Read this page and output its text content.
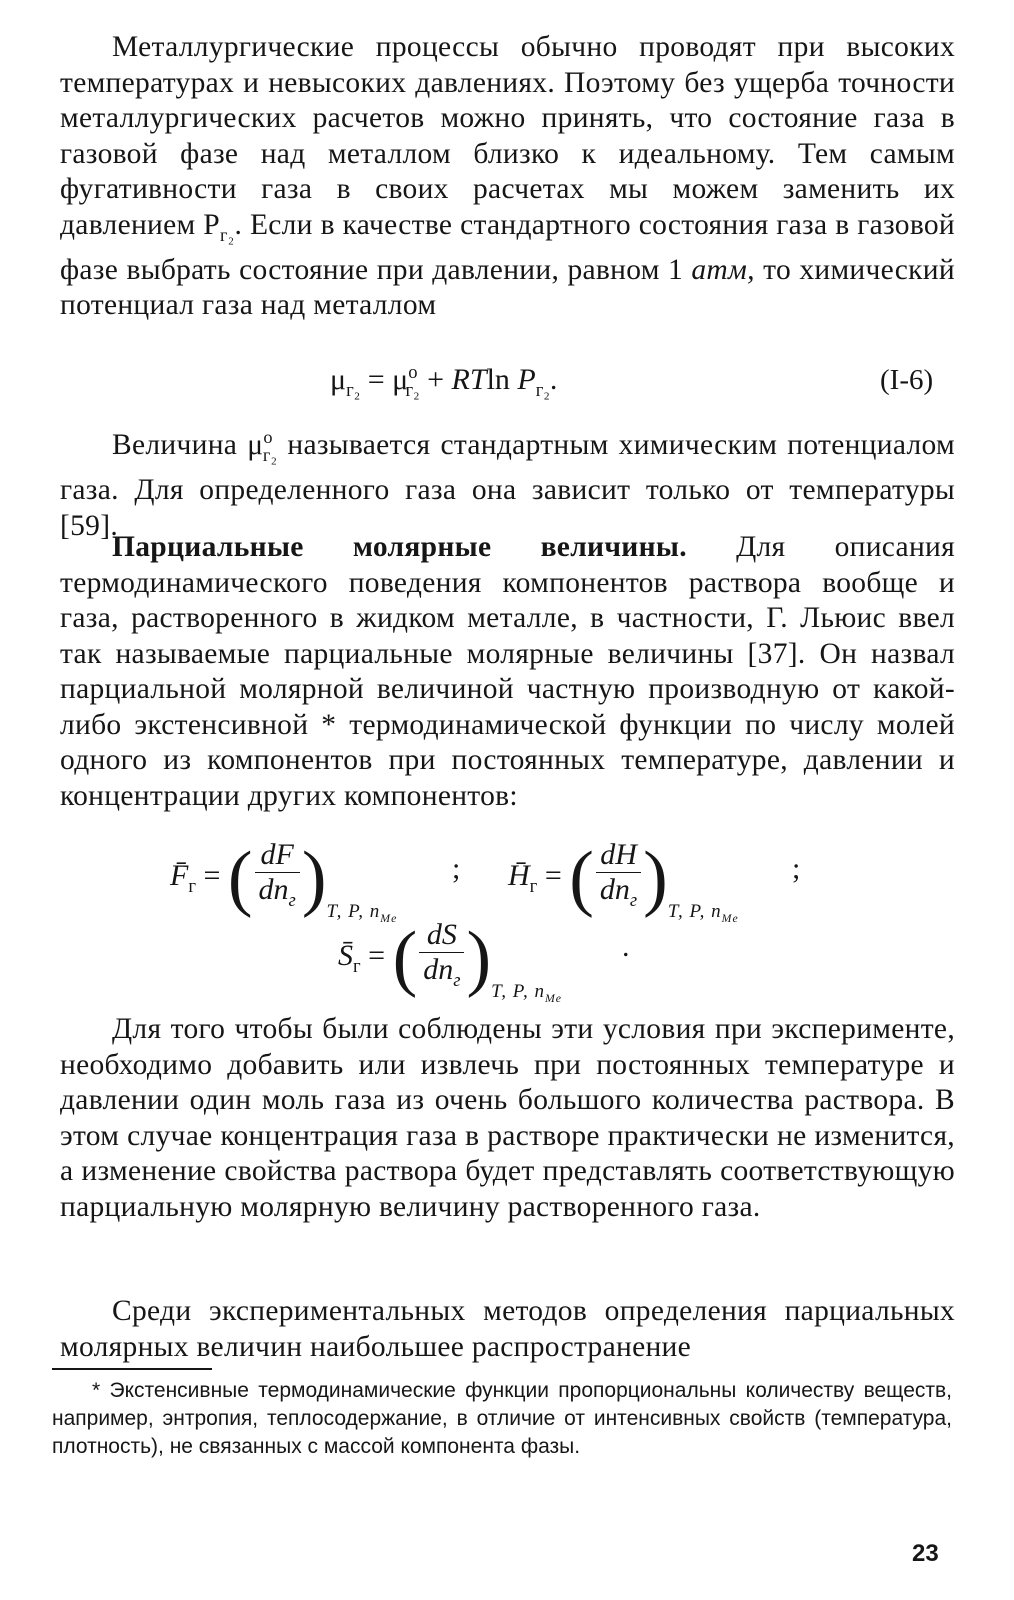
Металлургические процессы обычно проводят при высоких температурах и невысоких давлениях. Поэтому без ущерба точности металлургических расчетов можно принять, что состояние газа в газовой фазе над металлом близко к идеальному. Тем самым фугативности газа в своих расчетах мы можем заменить их давлением $P_{г_2}$. Если в качестве стандартного состояния газа в газовой фазе выбрать состояние при давлении, равном 1 атм, то химический потенциал газа над металлом

$\mu_{г_2} = \mu^о_{г_2} + RTln$ $P_{г_2}$.	(I-6)

Величина $\mu^о_{г_2}$ называется стандартным химическим потенциалом газа. Для определенного газа она зависит только от температуры [59].

Парциальные молярные величины. Для описания термодинамического поведения компонентов раствора вообще и газа, растворенного в жидком металле, в частности, Г. Льюис ввел так называемые парциальные молярные величины [37]. Он назвал парциальной молярной величиной частную производную от какой-либо экстенсивной * термодинамической функции по числу молей одного из компонентов при постоянных температуре, давлении и концентрации других компонентов:

$F̄_г$ = ( $\frac{dF}{dn_г} )_{T, P, n_{Me}}$
; $H̄_г$ = ( $\frac{dH}{dn_г} )_{T, P, n_{Me}}$
;
$S̄_г$ = ( $\frac{dS}{dn_г} )_{T, P, n_{Me}}$
.

Для того чтобы были соблюдены эти условия при эксперименте, необходимо добавить или извлечь при постоянных температуре и давлении один моль газа из очень большого количества раствора. В этом случае концентрация газа в растворе практически не изменится, а изменение свойства раствора будет представлять соответствующую парциальную молярную величину растворенного газа.

Среди экспериментальных методов определения парциальных молярных величин наибольшее распространение

* Экстенсивные термодинамические функции пропорциональны количеству веществ, например, энтропия, теплосодержание, в отличие от интенсивных свойств (температура, плотность), не связанных с массой компонента фазы.

23
